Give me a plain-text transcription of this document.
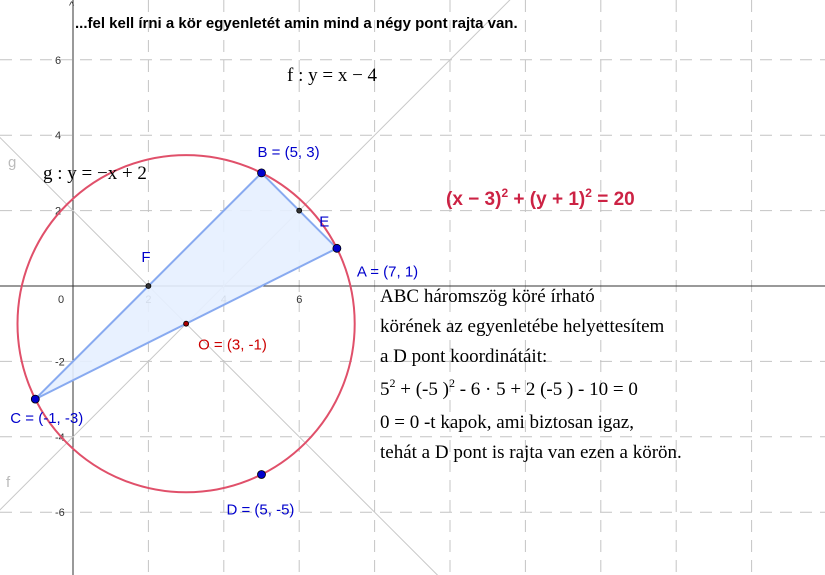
6
6
4
2
-2
-4
-6
0
g
f
B = (5, 3)
A = (7, 1)
C = (-1, -3)
D = (5, -5)
E
F
O = (3, -1)
...fel kell írni a kör egyenletét amin mind a négy pont rajta van.
^
f : y = x − 4
g : y = −x + 2
$(x - 3)^2 + (y + 1)^2 = 20$
ABC háromszög köré írható
körének az egyenletébe helyettesítem
a D pont koordinátáit:
$5^2 + (-5$ )$^2$ - 6 · 5 + 2 (-5 ) - 10 = 0
0 = 0 -t kapok, ami biztosan igaz,
tehát a D pont is rajta van ezen a körön.
